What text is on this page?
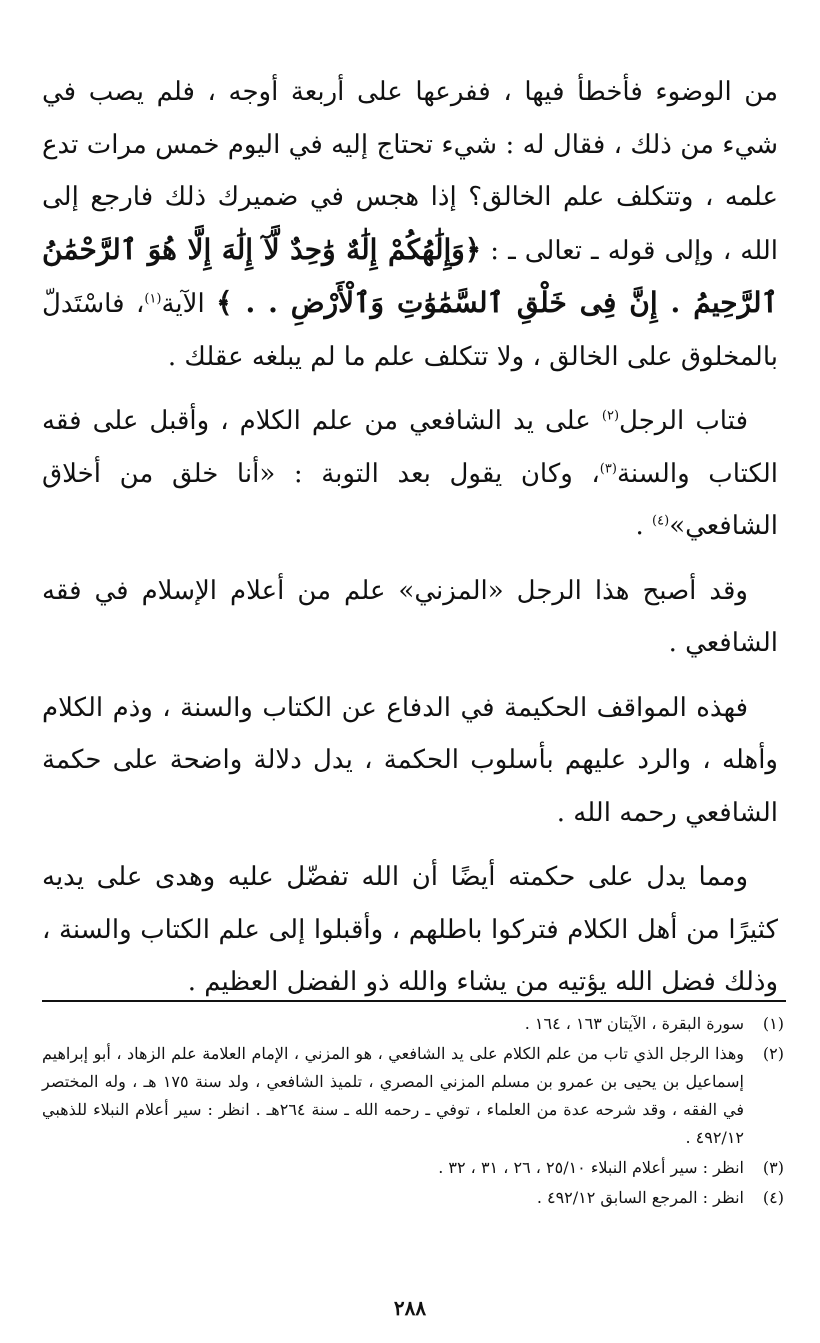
من الوضوء فأخطأ فيها ، ففرعها على أربعة أوجه ، فلم يصب في شيء من ذلك ، فقال له : شيء تحتاج إليه في اليوم خمس مرات تدع علمه ، وتتكلف علم الخالق؟ إذا هجس في ضميرك ذلك فارجع إلى الله ، وإلى قوله ـ تعالى ـ : ﴿وَإِلَٰهُكُمْ إِلَٰهٌ وَٰحِدٌ لَّآ إِلَٰهَ إِلَّا هُوَ ٱلرَّحْمَٰنُ ٱلرَّحِيمُ . إِنَّ فِى خَلْقِ ٱلسَّمَٰوَٰتِ وَٱلْأَرْضِ . . ﴾ الآية$^{(١)}$، فاسْتَدلّ بالمخلوق على الخالق ، ولا تتكلف علم ما لم يبلغه عقلك .

فتاب الرجل$^{(٢)}$ على يد الشافعي من علم الكلام ، وأقبل على فقه الكتاب والسنة$^{(٣)}$، وكان يقول بعد التوبة : «أنا خلق من أخلاق الشافعي»$^{(٤)}$ .

وقد أصبح هذا الرجل «المزني» علم من أعلام الإسلام في فقه الشافعي .

فهذه المواقف الحكيمة في الدفاع عن الكتاب والسنة ، وذم الكلام وأهله ، والرد عليهم بأسلوب الحكمة ، يدل دلالة واضحة على حكمة الشافعي رحمه الله .

ومما يدل على حكمته أيضًا أن الله تفضّل عليه وهدى على يديه كثيرًا من أهل الكلام فتركوا باطلهم ، وأقبلوا إلى علم الكتاب والسنة ، وذلك فضل الله يؤتيه من يشاء والله ذو الفضل العظيم .

(١)
سورة البقرة ، الآيتان ١٦٣ ، ١٦٤ .
(٢)
وهذا الرجل الذي تاب من علم الكلام على يد الشافعي ، هو المزني ، الإمام العلامة علم الزهاد ، أبو إبراهيم إسماعيل بن يحيى بن عمرو بن مسلم المزني المصري ، تلميذ الشافعي ، ولد سنة ١٧٥ هـ ، وله المختصر في الفقه ، وقد شرحه عدة من العلماء ، توفي ـ رحمه الله ـ سنة ٢٦٤هـ . انظر : سير أعلام النبلاء للذهبي ٤٩٢/١٢ .
(٣)
انظر : سير أعلام النبلاء ٢٥/١٠ ، ٢٦ ، ٣١ ، ٣٢ .
(٤)
انظر : المرجع السابق ٤٩٢/١٢ .
٢٨٨
